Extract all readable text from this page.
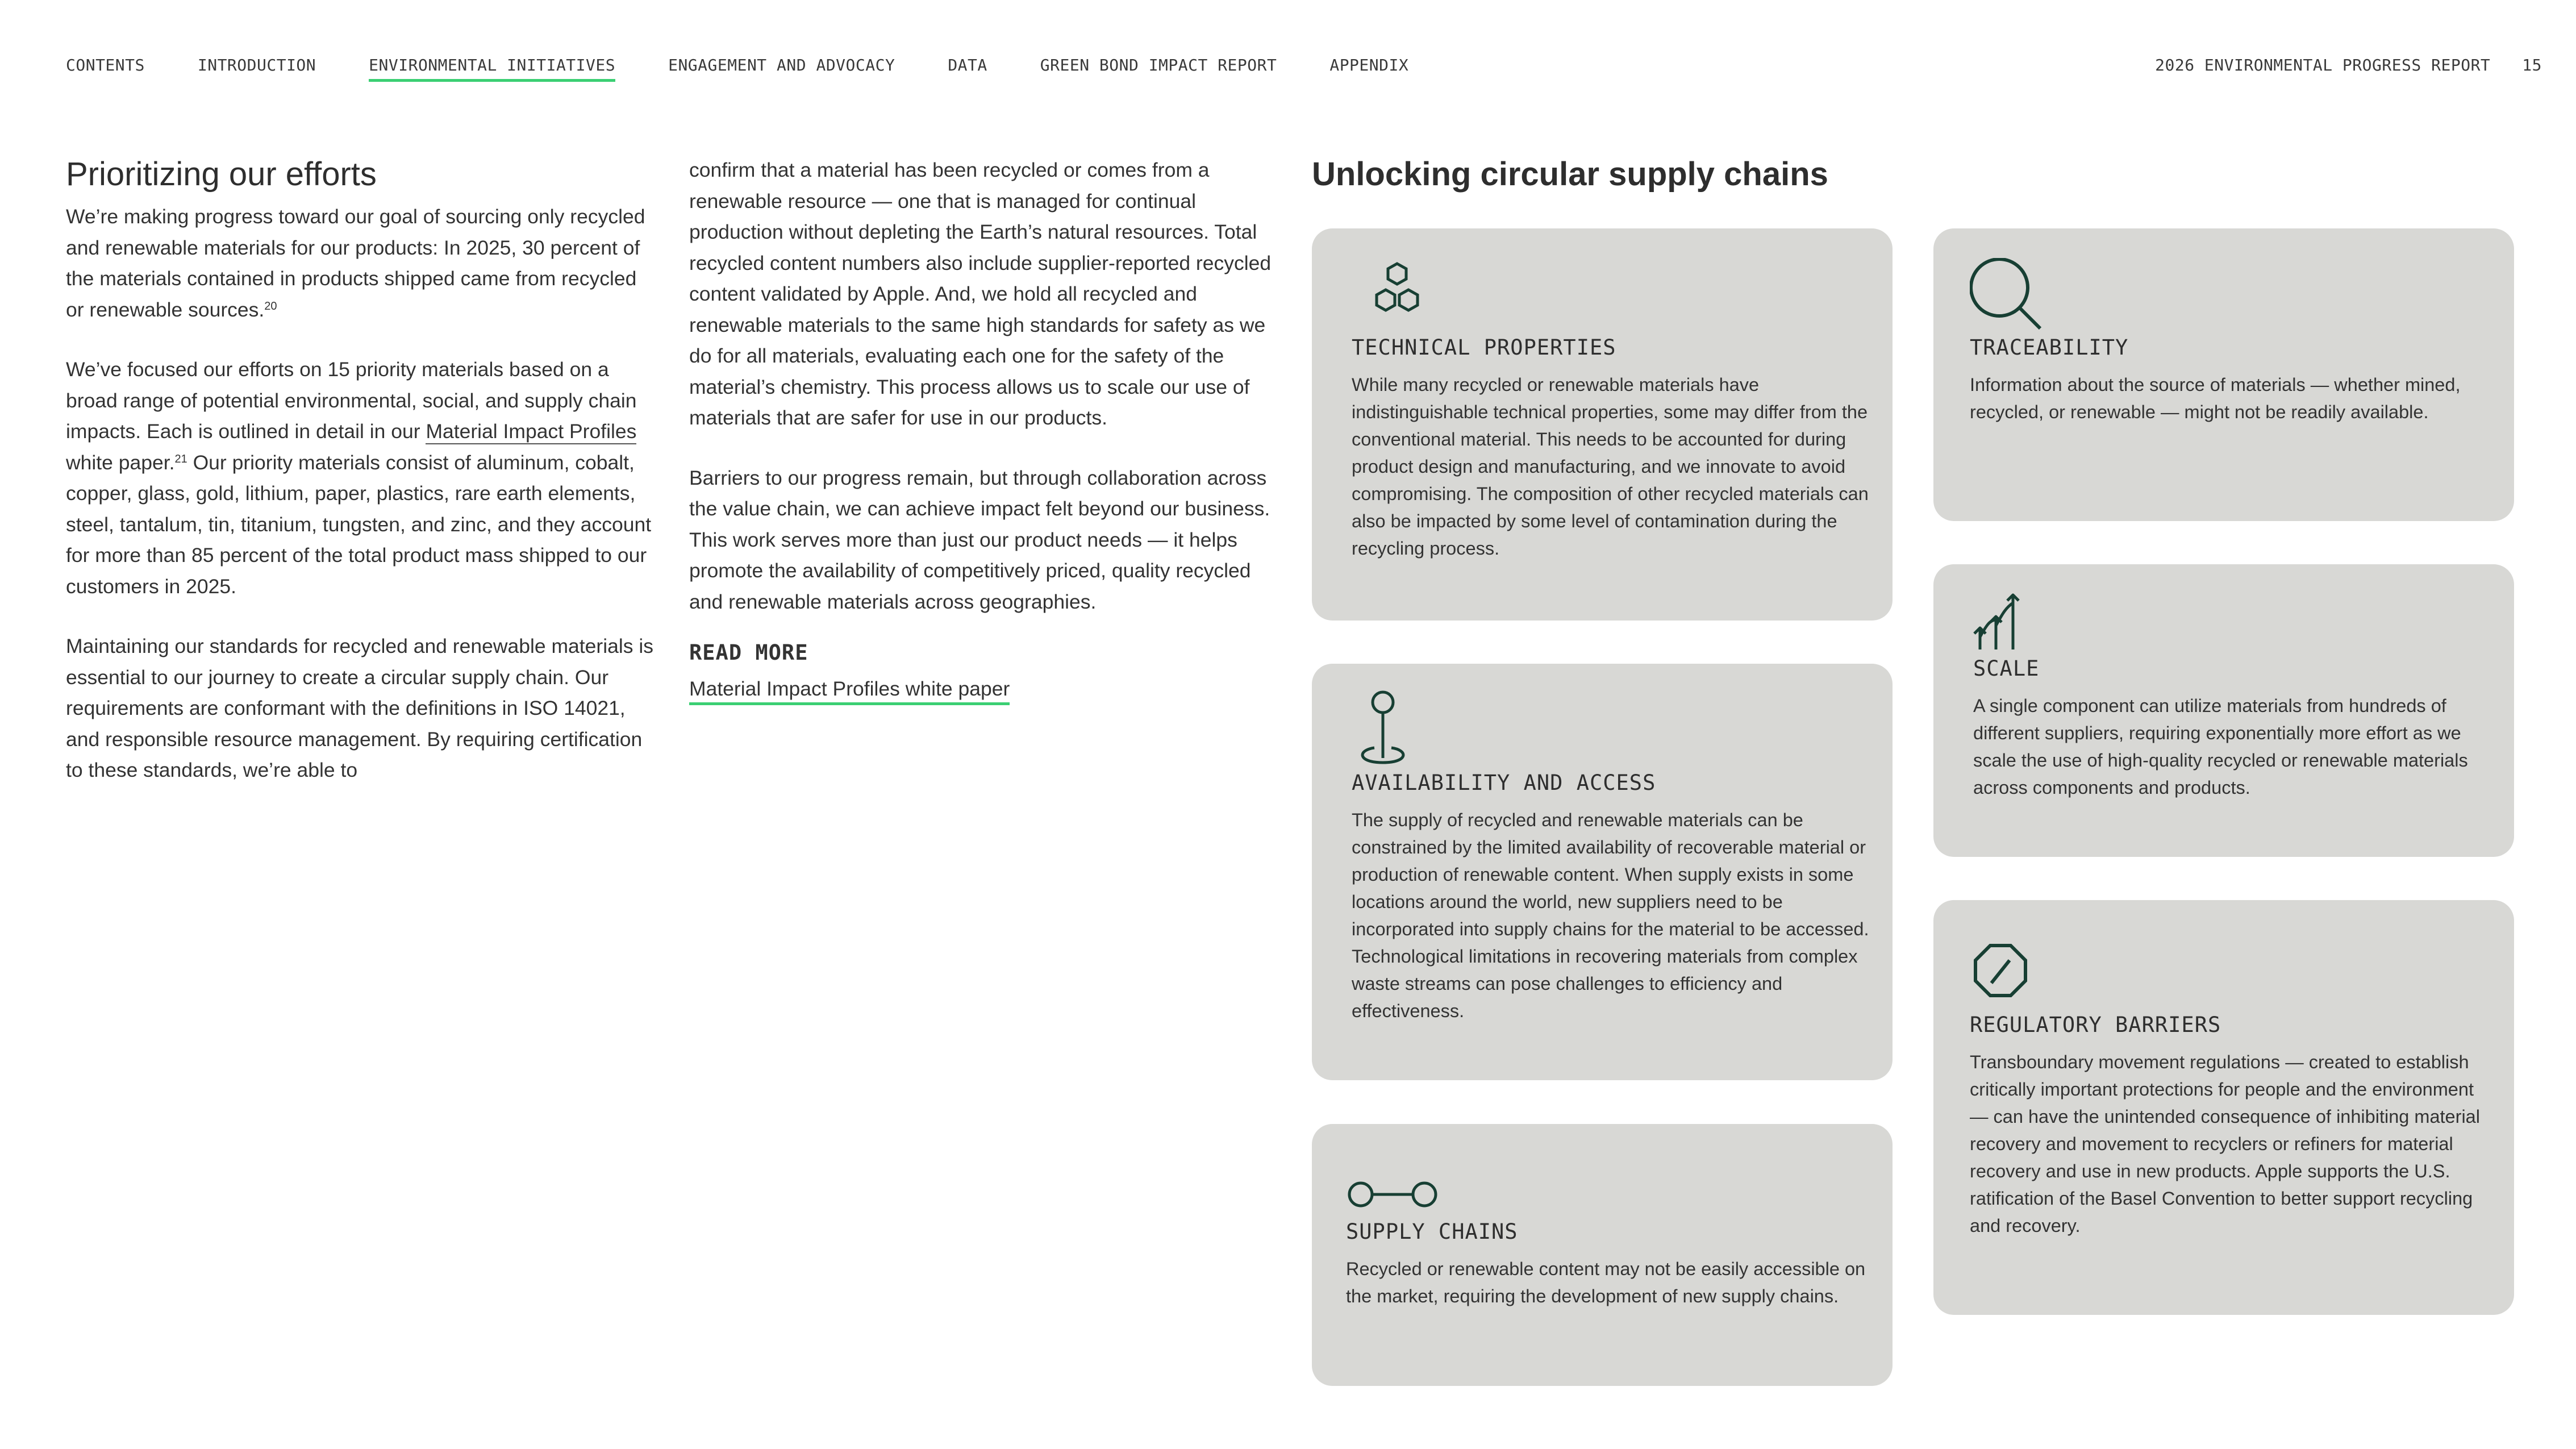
CONTENTS	INTRODUCTION	ENVIRONMENTAL INITIATIVES	ENGAGEMENT AND ADVOCACY	DATA	GREEN BOND IMPACT REPORT	APPENDIX	2026 ENVIRONMENTAL PROGRESS REPORT 15
Prioritizing our efforts

We’re making progress toward our goal of sourcing only recycled and renewable materials for our products: In 2025, 30 percent of the materials contained in products shipped came from recycled or renewable sources.$^{20}$

We’ve focused our efforts on 15 priority materials based on a broad range of potential environmental, social, and supply chain impacts. Each is outlined in detail in our Material Impact Profiles white paper.$^{21}$ Our priority materials consist of aluminum, cobalt, copper, glass, gold, lithium, paper, plastics, rare earth elements, steel, tantalum, tin, titanium, tungsten, and zinc, and they account for more than 85 percent of the total product mass shipped to our customers in 2025.

Maintaining our standards for recycled and renewable materials is essential to our journey to create a circular supply chain. Our requirements are conformant with the definitions in ISO 14021, and responsible resource management. By requiring certification to these standards, we’re able to

confirm that a material has been recycled or comes from a renewable resource — one that is managed for continual production without depleting the Earth’s natural resources. Total recycled content numbers also include supplier-reported recycled content validated by Apple. And, we hold all recycled and renewable materials to the same high standards for safety as we do for all materials, evaluating each one for the safety of the material’s chemistry. This process allows us to scale our use of materials that are safer for use in our products.

Barriers to our progress remain, but through collaboration across the value chain, we can achieve impact felt beyond our business. This work serves more than just our product needs — it helps promote the availability of competitively priced, quality recycled and renewable materials across geographies.

READ MORE
Material Impact Profiles white paper
Unlocking circular supply chains
TECHNICAL PROPERTIES

While many recycled or renewable materials have indistinguishable technical properties, some may differ from the conventional material. This needs to be accounted for during product design and manufacturing, and we innovate to avoid compromising. The composition of other recycled materials can also be impacted by some level of contamination during the recycling process.

AVAILABILITY AND ACCESS

The supply of recycled and renewable materials can be constrained by the limited availability of recoverable material or production of renewable content. When supply exists in some locations around the world, new suppliers need to be incorporated into supply chains for the material to be accessed. Technological limitations in recovering materials from complex waste streams can pose challenges to efficiency and effectiveness.

SUPPLY CHAINS

Recycled or renewable content may not be easily accessible on the market, requiring the development of new supply chains.

TRACEABILITY

Information about the source of materials — whether mined, recycled, or renewable — might not be readily available.

SCALE

A single component can utilize materials from hundreds of different suppliers, requiring exponentially more effort as we scale the use of high-quality recycled or renewable materials across components and products.

REGULATORY BARRIERS

Transboundary movement regulations — created to establish critically important protections for people and the environment — can have the unintended consequence of inhibiting material recovery and movement to recyclers or refiners for material recovery and use in new products. Apple supports the U.S. ratification of the Basel Convention to better support recycling and recovery.
